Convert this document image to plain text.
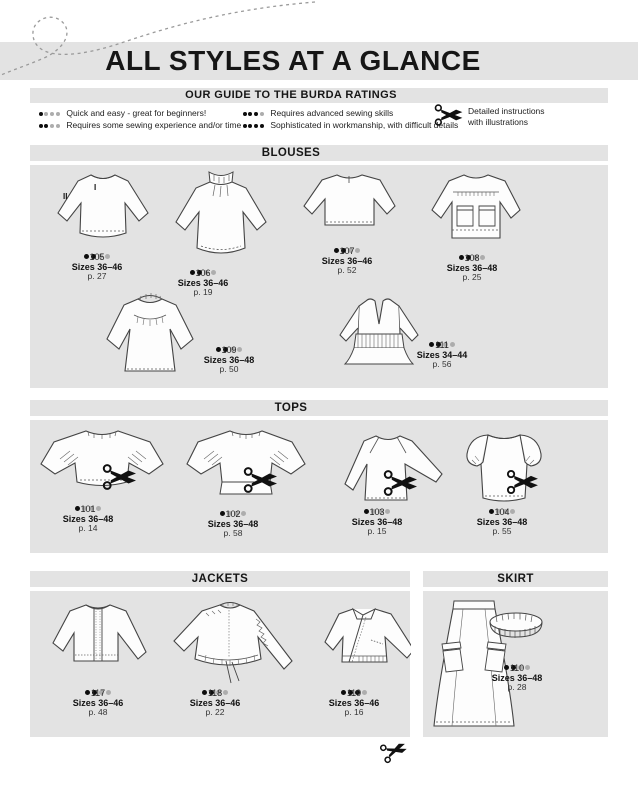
ALL STYLES AT A GLANCE
OUR GUIDE TO THE BURDA RATINGS
Quick and easy - great for beginners!
Requires some sewing experience and/or time
Requires advanced sewing skills
Sophisticated in workmanship, with difficult details
Detailed instructions
with illustrations
BLOUSES
I
II
105
Sizes 36–46
p. 27	106
Sizes 36–46
p. 19
107
Sizes 36–46
p. 52
108
Sizes 36–48
p. 25
109
Sizes 36–48
p. 50
111
Sizes 34–44
p. 56
TOPS
101
Sizes 36–48
p. 14
102
Sizes 36–48
p. 58
103
Sizes 36–48
p. 15
104
Sizes 36–48
p. 55
JACKETS
117
Sizes 36–46
p. 48
118
Sizes 36–46
p. 22
119
Sizes 36–46
p. 16
SKIRT
110
Sizes 36–48
p. 28
